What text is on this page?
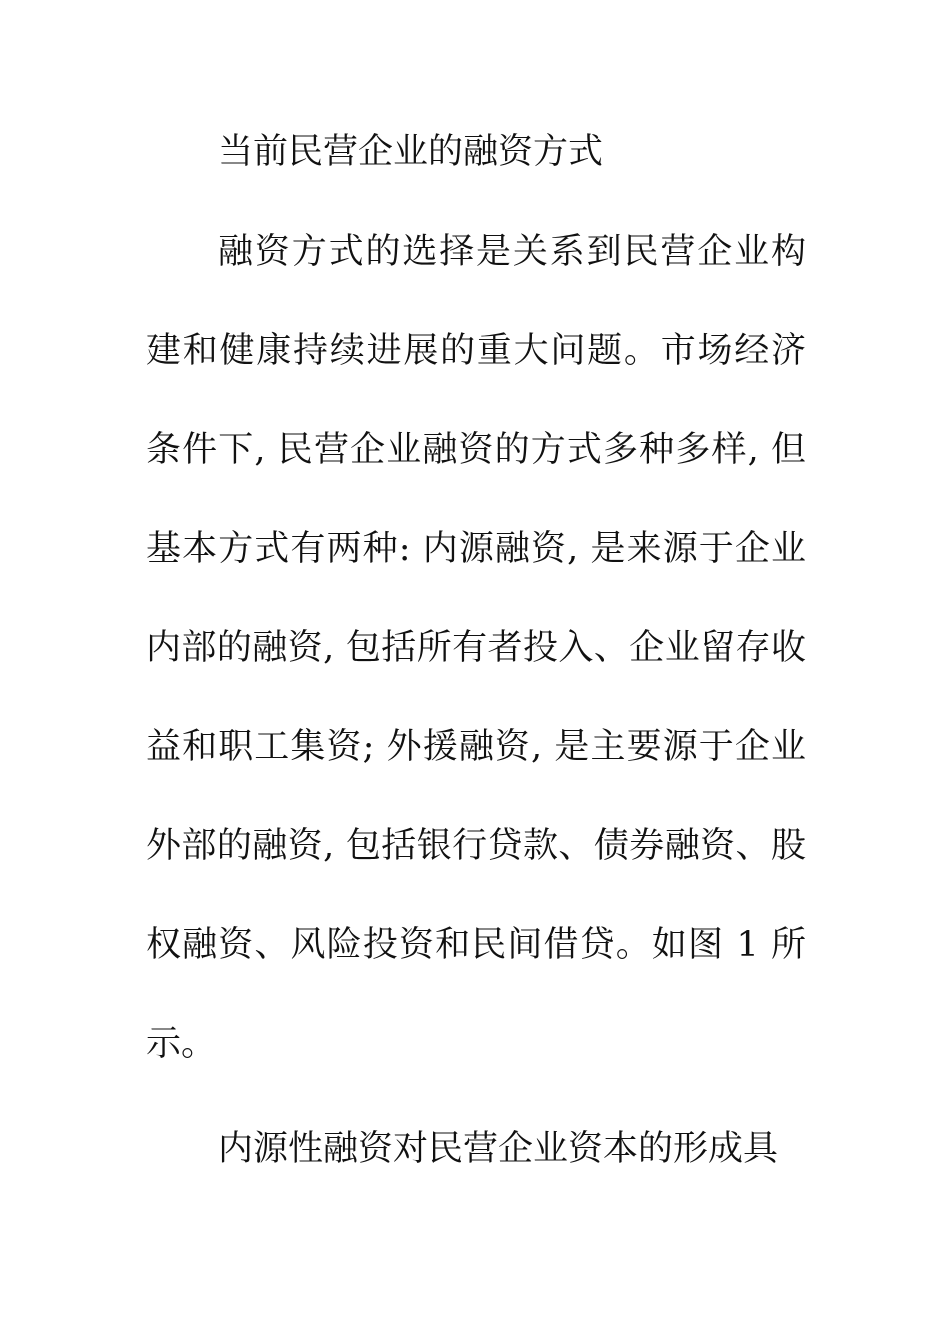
当前民营企业的融资方式
融资方式的选择是关系到民营企业构建和健康持续进展的重大问题。市场经济条件下, 民营企业融资的方式多种多样, 但基本方式有两种: 内源融资, 是来源于企业内部的融资, 包括所有者投入、企业留存收益和职工集资; 外援融资, 是主要源于企业外部的融资, 包括银行贷款、债券融资、股权融资、风险投资和民间借贷。如图 1 所示。
内源性融资对民营企业资本的形成具
